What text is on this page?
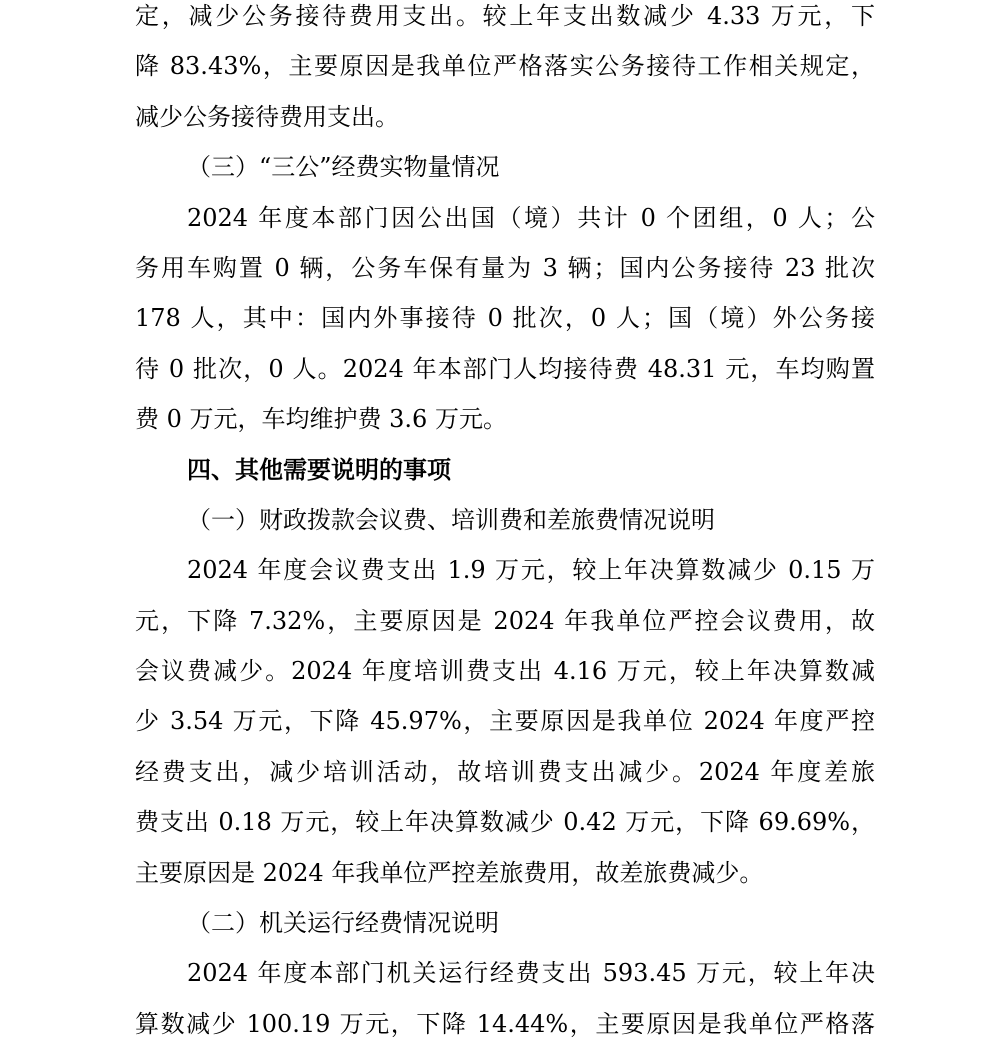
定，减少公务接待费用支出。较上年支出数减少 4.33 万元，下
降 83.43%，主要原因是我单位严格落实公务接待工作相关规定，
减少公务接待费用支出。
（三）“三公”经费实物量情况
2024 年度本部门因公出国（境）共计 0 个团组，0 人；公
务用车购置 0 辆，公务车保有量为 3 辆；国内公务接待 23 批次
178 人，其中：国内外事接待 0 批次，0 人；国（境）外公务接
待 0 批次，0 人。2024 年本部门人均接待费 48.31 元，车均购置
费 0 万元，车均维护费 3.6 万元。
四、其他需要说明的事项
（一）财政拨款会议费、培训费和差旅费情况说明
2024 年度会议费支出 1.9 万元，较上年决算数减少 0.15 万
元，下降 7.32%，主要原因是 2024 年我单位严控会议费用，故
会议费减少。2024 年度培训费支出 4.16 万元，较上年决算数减
少 3.54 万元，下降 45.97%，主要原因是我单位 2024 年度严控
经费支出，减少培训活动，故培训费支出减少。2024 年度差旅
费支出 0.18 万元，较上年决算数减少 0.42 万元，下降 69.69%，
主要原因是 2024 年我单位严控差旅费用，故差旅费减少。
（二）机关运行经费情况说明
2024 年度本部门机关运行经费支出 593.45 万元，较上年决
算数减少 100.19 万元，下降 14.44%，主要原因是我单位严格落
